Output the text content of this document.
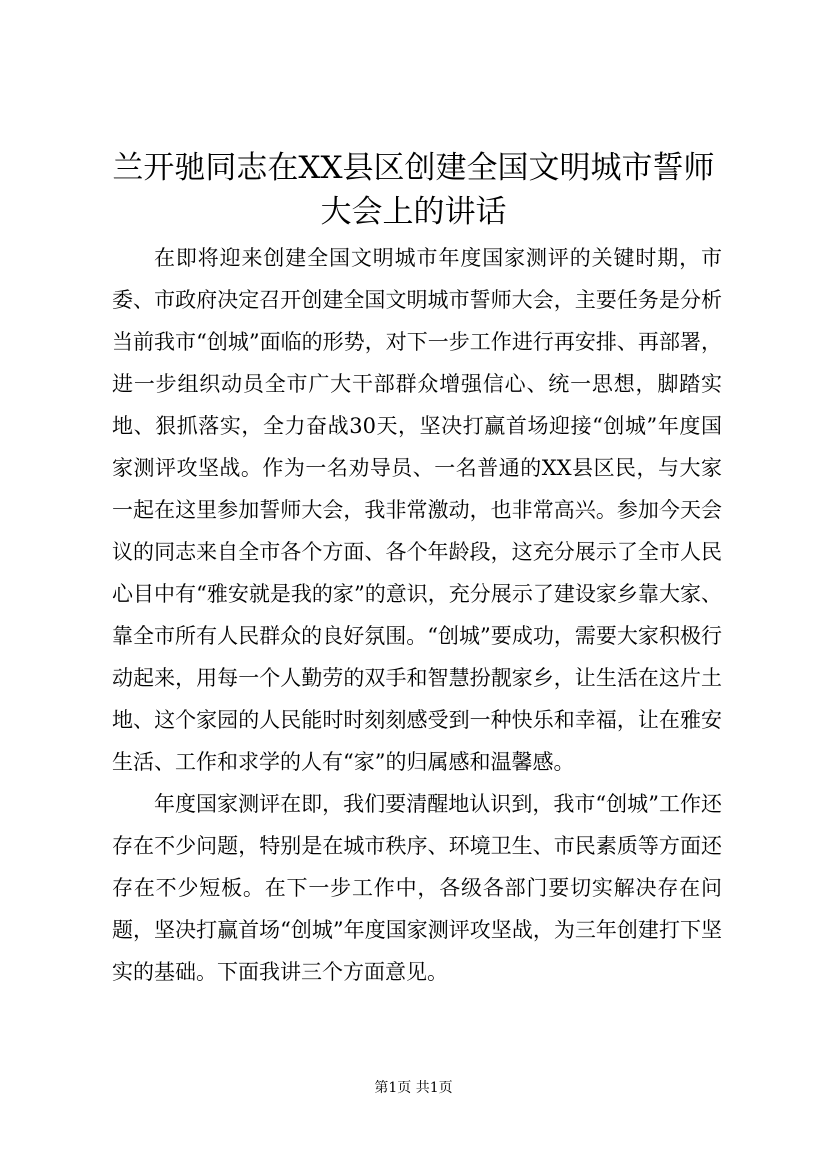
兰开驰同志在XX县区创建全国文明城市誓师
大会上的讲话

在即将迎来创建全国文明城市年度国家测评的关键时期，市委、市政府决定召开创建全国文明城市誓师大会，主要任务是分析当前我市“创城”面临的形势，对下一步工作进行再安排、再部署，进一步组织动员全市广大干部群众增强信心、统一思想，脚踏实地、狠抓落实，全力奋战30天，坚决打赢首场迎接“创城”年度国家测评攻坚战。作为一名劝导员、一名普通的XX县区民，与大家一起在这里参加誓师大会，我非常激动，也非常高兴。参加今天会议的同志来自全市各个方面、各个年龄段，这充分展示了全市人民心目中有“雅安就是我的家”的意识，充分展示了建设家乡靠大家、靠全市所有人民群众的良好氛围。“创城”要成功，需要大家积极行动起来，用每一个人勤劳的双手和智慧扮靓家乡，让生活在这片土地、这个家园的人民能时时刻刻感受到一种快乐和幸福，让在雅安生活、工作和求学的人有“家”的归属感和温馨感。

年度国家测评在即，我们要清醒地认识到，我市“创城”工作还存在不少问题，特别是在城市秩序、环境卫生、市民素质等方面还存在不少短板。在下一步工作中，各级各部门要切实解决存在问题，坚决打赢首场“创城”年度国家测评攻坚战，为三年创建打下坚实的基础。下面我讲三个方面意见。

第1页 共1页
